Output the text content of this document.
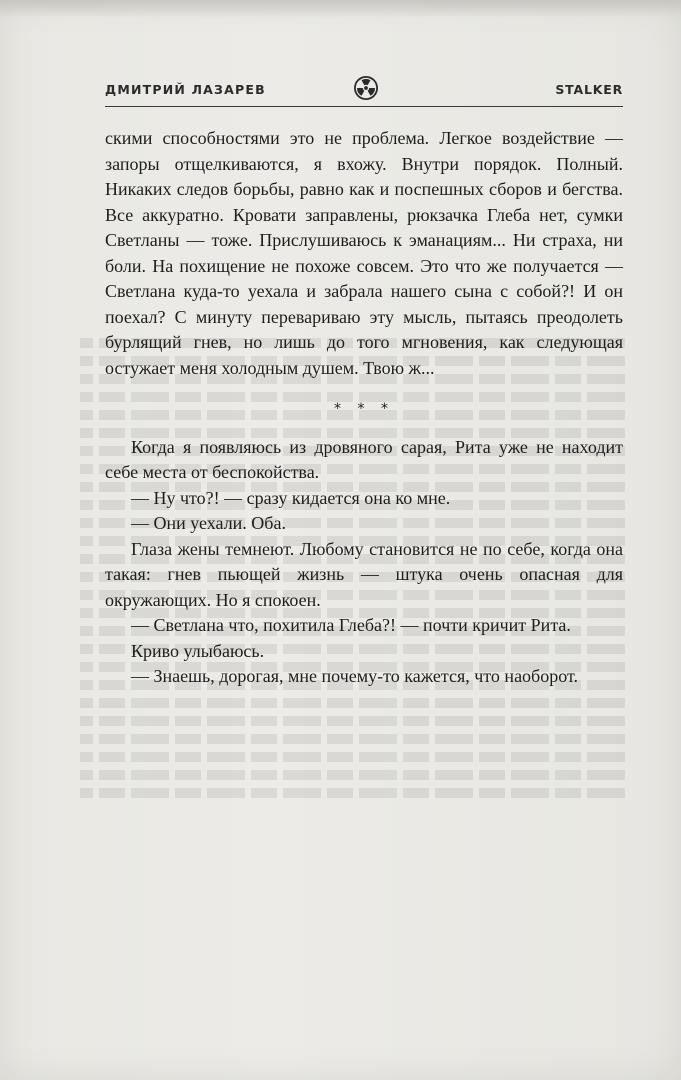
ДМИТРИЙ ЛАЗАРЕВ	STALKER

скими способностями это не проблема. Легкое воздействие — запоры отщелкиваются, я вхожу. Внутри порядок. Полный. Никаких следов борьбы, равно как и поспешных сборов и бегства. Все аккуратно. Кровати заправлены, рюкзачка Глеба нет, сумки Светланы — тоже. Прислушиваюсь к эманациям... Ни страха, ни боли. На похищение не похоже совсем. Это что же получается — Светлана куда-то уехала и забрала нашего сына с собой?! И он поехал? С минуту перевариваю эту мысль, пытаясь преодолеть бурлящий гнев, но лишь до того мгновения, как следующая остужает меня холодным душем. Твою ж...

* * *

Когда я появляюсь из дровяного сарая, Рита уже не находит себе места от беспокойства.

— Ну что?! — сразу кидается она ко мне.

— Они уехали. Оба.

Глаза жены темнеют. Любому становится не по себе, когда она такая: гнев пьющей жизнь — штука очень опасная для окружающих. Но я спокоен.

— Светлана что, похитила Глеба?! — почти кричит Рита.

Криво улыбаюсь.

— Знаешь, дорогая, мне почему-то кажется, что наоборот.
